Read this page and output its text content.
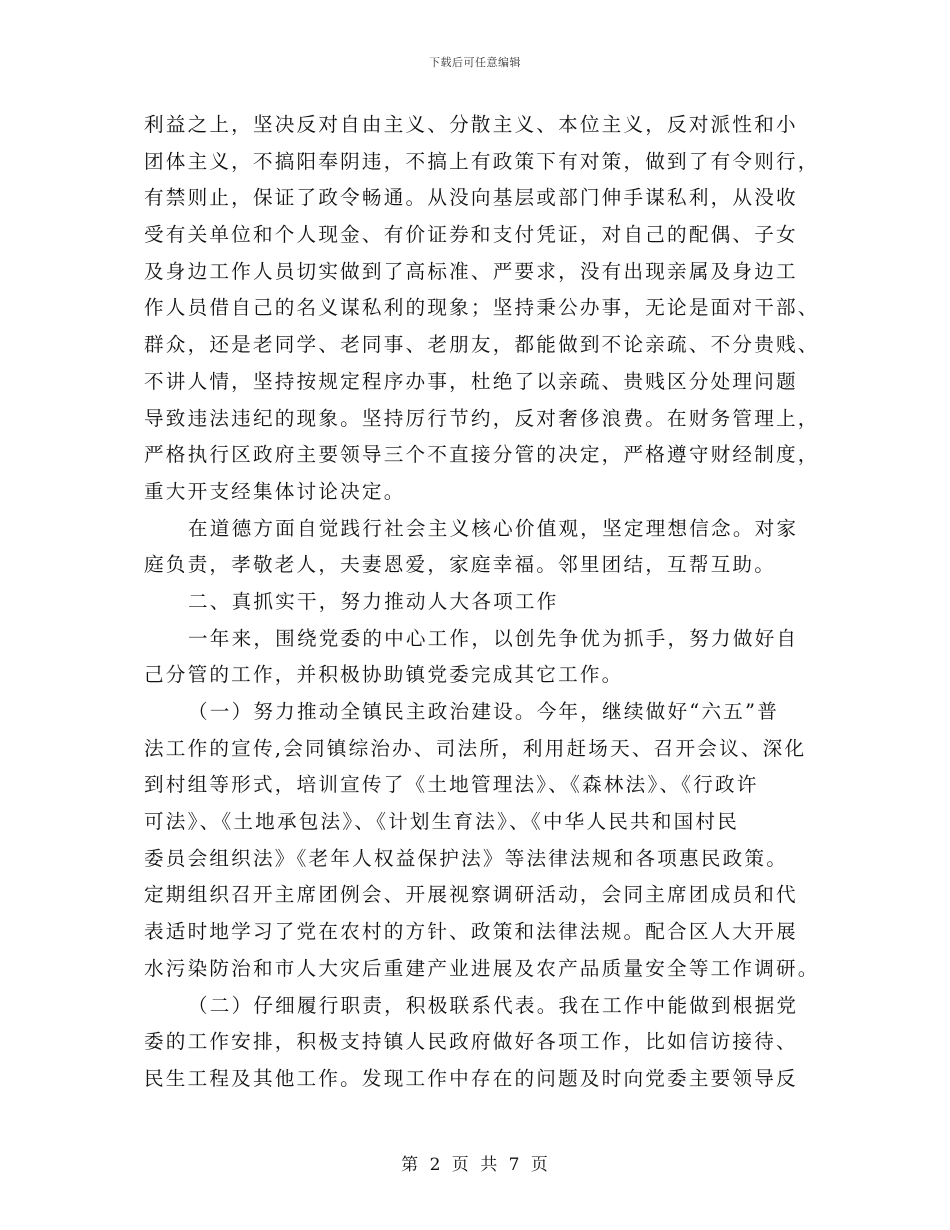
下载后可任意编辑
利益之上，坚决反对自由主义、分散主义、本位主义，反对派性和小
团体主义，不搞阳奉阴违，不搞上有政策下有对策，做到了有令则行，
有禁则止，保证了政令畅通。从没向基层或部门伸手谋私利，从没收
受有关单位和个人现金、有价证券和支付凭证，对自己的配偶、子女
及身边工作人员切实做到了高标准、严要求，没有出现亲属及身边工
作人员借自己的名义谋私利的现象；坚持秉公办事，无论是面对干部、
群众，还是老同学、老同事、老朋友，都能做到不论亲疏、不分贵贱、
不讲人情，坚持按规定程序办事，杜绝了以亲疏、贵贱区分处理问题
导致违法违纪的现象。坚持厉行节约，反对奢侈浪费。在财务管理上，
严格执行区政府主要领导三个不直接分管的决定，严格遵守财经制度，
重大开支经集体讨论决定。
在道德方面自觉践行社会主义核心价值观，坚定理想信念。对家
庭负责，孝敬老人，夫妻恩爱，家庭幸福。邻里团结，互帮互助。
二、真抓实干，努力推动人大各项工作
一年来，围绕党委的中心工作，以创先争优为抓手，努力做好自
己分管的工作，并积极协助镇党委完成其它工作。
（一）努力推动全镇民主政治建设。今年，继续做好“六五”普
法工作的宣传,会同镇综治办、司法所，利用赶场天、召开会议、深化
到村组等形式，培训宣传了《土地管理法》、《森林法》、《行政许
可法》、《土地承包法》、《计划生育法》、《中华人民共和国村民
委员会组织法》《老年人权益保护法》等法律法规和各项惠民政策。
定期组织召开主席团例会、开展视察调研活动，会同主席团成员和代
表适时地学习了党在农村的方针、政策和法律法规。配合区人大开展
水污染防治和市人大灾后重建产业进展及农产品质量安全等工作调研。
（二）仔细履行职责，积极联系代表。我在工作中能做到根据党
委的工作安排，积极支持镇人民政府做好各项工作，比如信访接待、
民生工程及其他工作。发现工作中存在的问题及时向党委主要领导反
第 2 页 共 7 页
